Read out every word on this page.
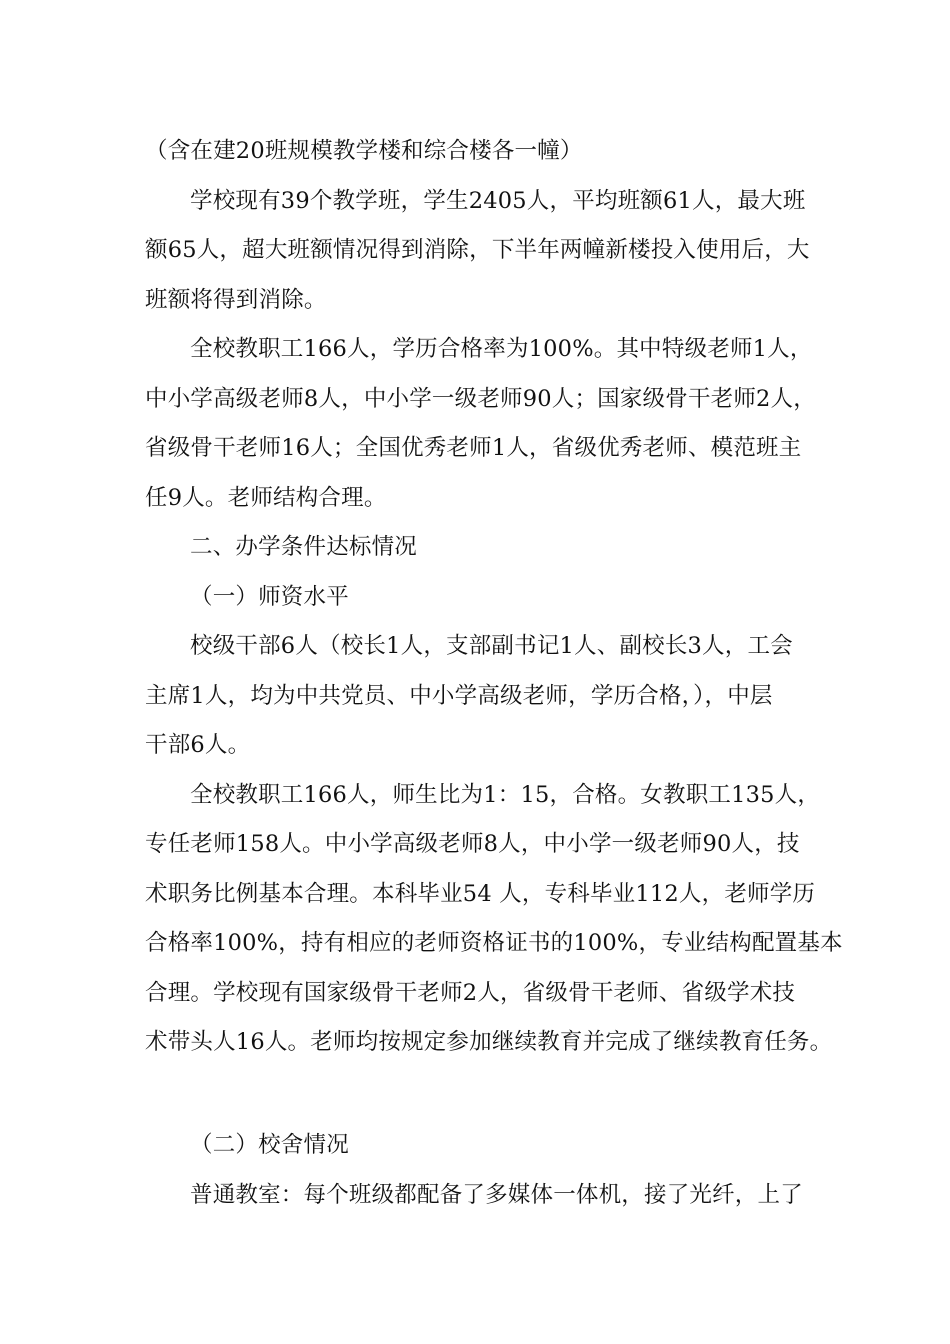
（含在建20班规模教学楼和综合楼各一幢）
学校现有39个教学班，学生2405人，平均班额61人，最大班
额65人，超大班额情况得到消除，下半年两幢新楼投入使用后，大
班额将得到消除。
全校教职工166人，学历合格率为100%。其中特级老师1人，
中小学高级老师8人，中小学一级老师90人；国家级骨干老师2人，
省级骨干老师16人；全国优秀老师1人，省级优秀老师、模范班主
任9人。老师结构合理。
二、办学条件达标情况
（一）师资水平
校级干部6人（校长1人，支部副书记1人、副校长3人，工会
主席1人，均为中共党员、中小学高级老师，学历合格，），中层
干部6人。
全校教职工166人，师生比为1：15，合格。女教职工135人，
专任老师158人。中小学高级老师8人，中小学一级老师90人，技
术职务比例基本合理。本科毕业54 人，专科毕业112人，老师学历
合格率100%，持有相应的老师资格证书的100%，专业结构配置基本
合理。学校现有国家级骨干老师2人，省级骨干老师、省级学术技
术带头人16人。老师均按规定参加继续教育并完成了继续教育任务。
（二）校舍情况
普通教室：每个班级都配备了多媒体一体机，接了光纤，上了
